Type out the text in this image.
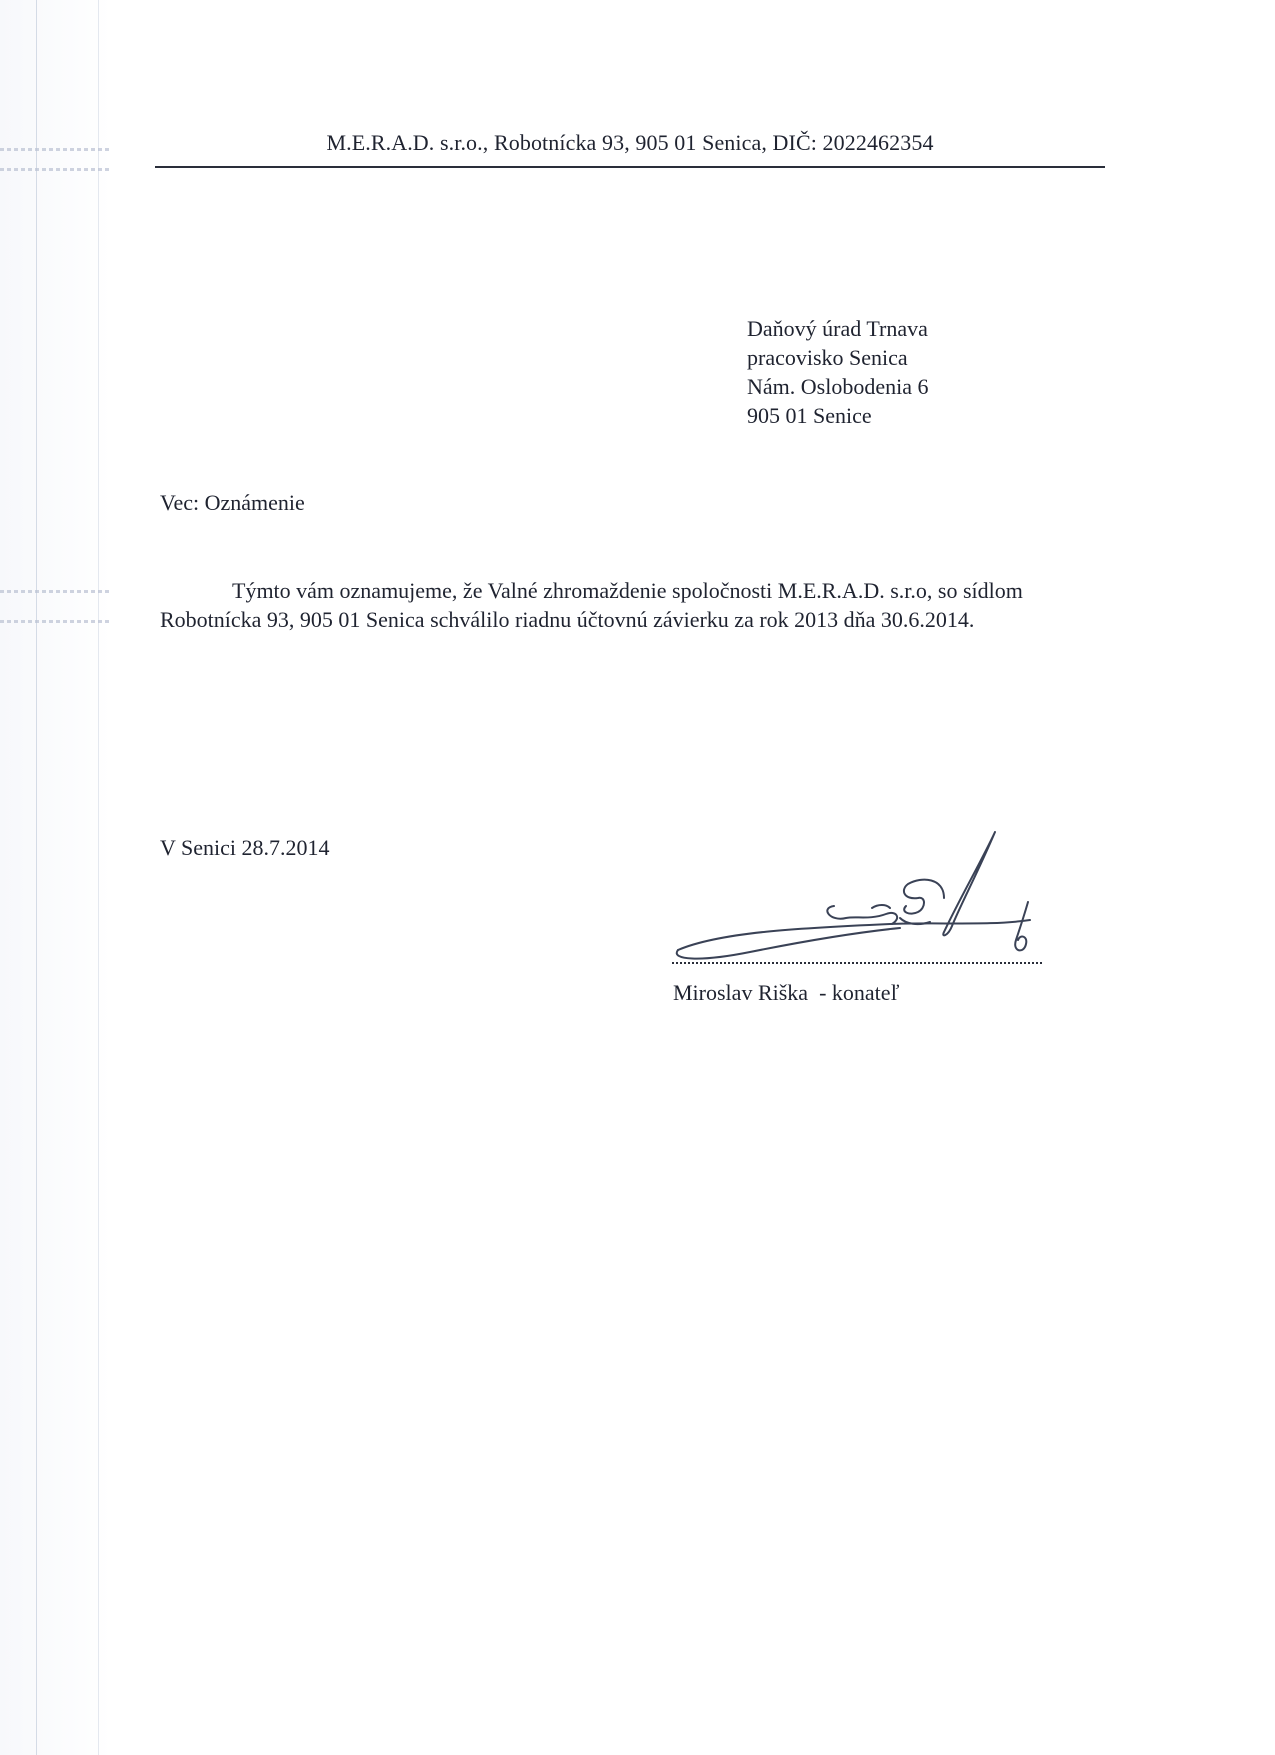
M.E.R.A.D. s.r.o., Robotnícka 93, 905 01 Senica, DIČ: 2022462354
Daňový úrad Trnava
pracovisko Senica
Nám. Oslobodenia 6
905 01 Senice
Vec: Oznámenie
Týmto vám oznamujeme, že Valné zhromaždenie spoločnosti M.E.R.A.D. s.r.o, so sídlom Robotnícka 93, 905 01 Senica schválilo riadnu účtovnú závierku za rok 2013 dňa 30.6.2014.
V Senici 28.7.2014
Miroslav Riška - konateľ
